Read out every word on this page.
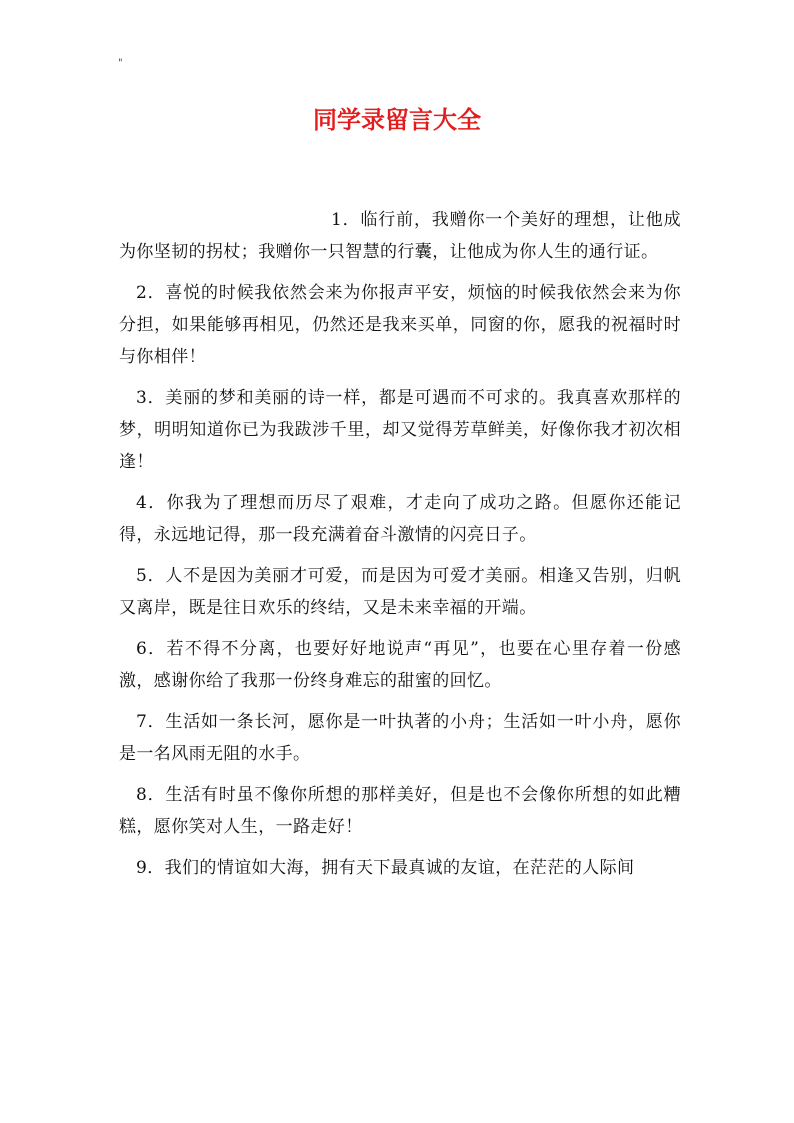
"
同学录留言大全

1．临行前，我赠你一个美好的理想，让他成为你坚韧的拐杖；我赠你一只智慧的行囊，让他成为你人生的通行证。

2．喜悦的时候我依然会来为你报声平安，烦恼的时候我依然会来为你分担，如果能够再相见，仍然还是我来买单，同窗的你，愿我的祝福时时与你相伴！

3．美丽的梦和美丽的诗一样，都是可遇而不可求的。我真喜欢那样的梦，明明知道你已为我跋涉千里，却又觉得芳草鲜美，好像你我才初次相逢！

4．你我为了理想而历尽了艰难，才走向了成功之路。但愿你还能记得，永远地记得，那一段充满着奋斗激情的闪亮日子。

5．人不是因为美丽才可爱，而是因为可爱才美丽。相逢又告别，归帆又离岸，既是往日欢乐的终结，又是未来幸福的开端。

6．若不得不分离，也要好好地说声“再见”，也要在心里存着一份感激，感谢你给了我那一份终身难忘的甜蜜的回忆。

7．生活如一条长河，愿你是一叶执著的小舟；生活如一叶小舟，愿你是一名风雨无阻的水手。

8．生活有时虽不像你所想的那样美好，但是也不会像你所想的如此糟糕，愿你笑对人生，一路走好！

9．我们的情谊如大海，拥有天下最真诚的友谊，在茫茫的人际间
